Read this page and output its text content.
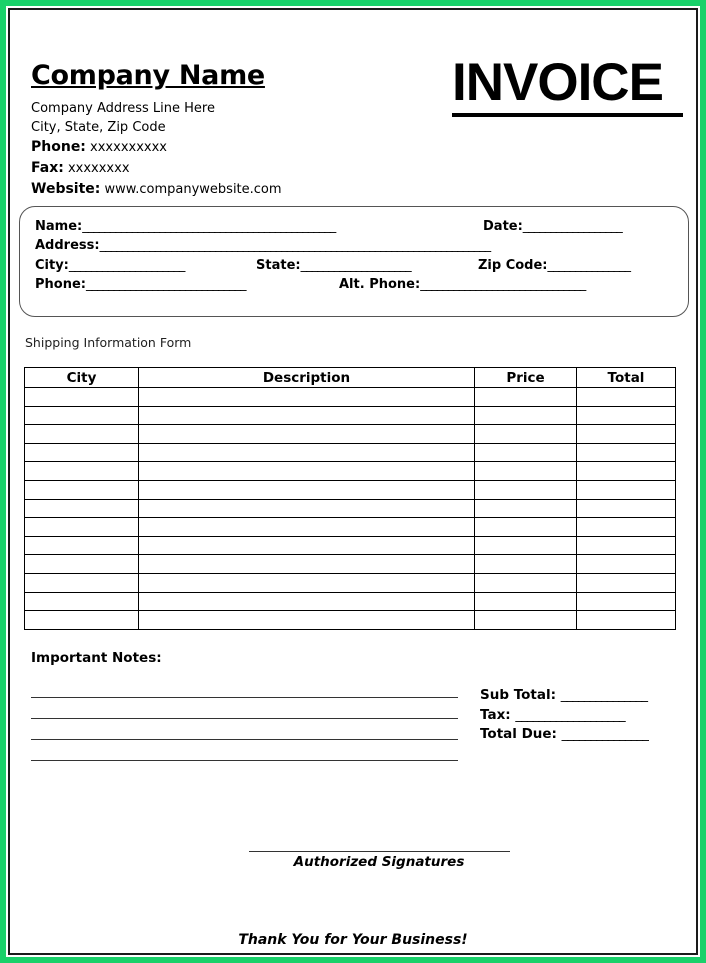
Company Name	INVOICE
Company Address Line Here
City, State, Zip Code
Phone: xxxxxxxxxx
Fax: xxxxxxxx
Website: www.companywebsite.com
Name:______________________________________________	Date:__________________
Address:_______________________________________________________________________
City:_____________________	State:____________________	Zip Code:_______________
Phone:_____________________________	Alt. Phone:______________________________
Shipping Information Form
City	Description	Price	Total

Important Notes:
Sub Total: _______________
Tax: ___________________
Total Due: _______________
Authorized Signatures
Thank You for Your Business!
